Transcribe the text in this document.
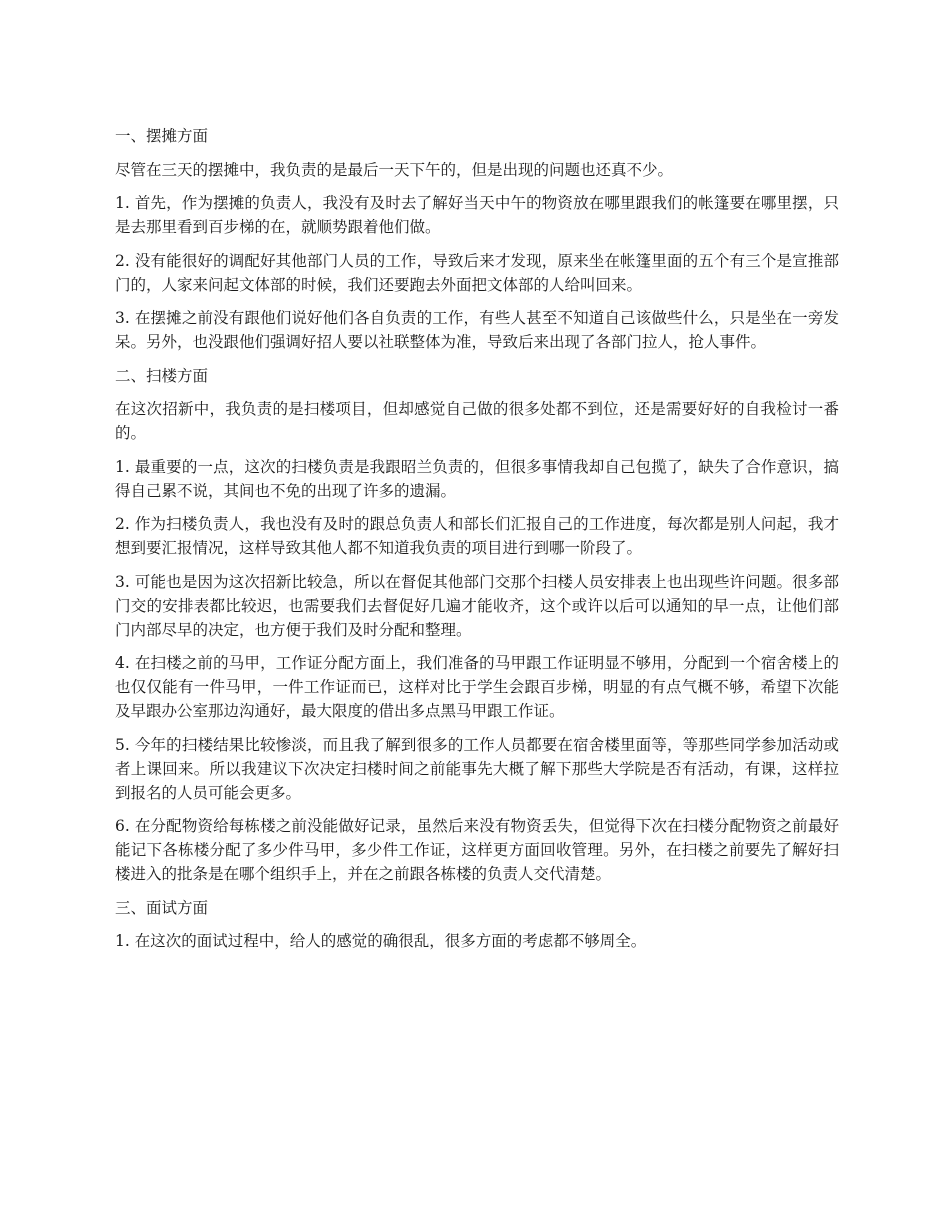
一、摆摊方面

尽管在三天的摆摊中，我负责的是最后一天下午的，但是出现的问题也还真不少。

1. 首先，作为摆摊的负责人，我没有及时去了解好当天中午的物资放在哪里跟我们的帐篷要在哪里摆，只是去那里看到百步梯的在，就顺势跟着他们做。

2. 没有能很好的调配好其他部门人员的工作，导致后来才发现，原来坐在帐篷里面的五个有三个是宣推部门的，人家来问起文体部的时候，我们还要跑去外面把文体部的人给叫回来。

3. 在摆摊之前没有跟他们说好他们各自负责的工作，有些人甚至不知道自己该做些什么，只是坐在一旁发呆。另外，也没跟他们强调好招人要以社联整体为准，导致后来出现了各部门拉人，抢人事件。

二、扫楼方面

在这次招新中，我负责的是扫楼项目，但却感觉自己做的很多处都不到位，还是需要好好的自我检讨一番的。

1. 最重要的一点，这次的扫楼负责是我跟昭兰负责的，但很多事情我却自己包揽了，缺失了合作意识，搞得自己累不说，其间也不免的出现了许多的遗漏。

2. 作为扫楼负责人，我也没有及时的跟总负责人和部长们汇报自己的工作进度，每次都是别人问起，我才想到要汇报情况，这样导致其他人都不知道我负责的项目进行到哪一阶段了。

3. 可能也是因为这次招新比较急，所以在督促其他部门交那个扫楼人员安排表上也出现些许问题。很多部门交的安排表都比较迟，也需要我们去督促好几遍才能收齐，这个或许以后可以通知的早一点，让他们部门内部尽早的决定，也方便于我们及时分配和整理。

4. 在扫楼之前的马甲，工作证分配方面上，我们准备的马甲跟工作证明显不够用，分配到一个宿舍楼上的也仅仅能有一件马甲，一件工作证而已，这样对比于学生会跟百步梯，明显的有点气概不够，希望下次能及早跟办公室那边沟通好，最大限度的借出多点黑马甲跟工作证。

5. 今年的扫楼结果比较惨淡，而且我了解到很多的工作人员都要在宿舍楼里面等，等那些同学参加活动或者上课回来。所以我建议下次决定扫楼时间之前能事先大概了解下那些大学院是否有活动，有课，这样拉到报名的人员可能会更多。

6. 在分配物资给每栋楼之前没能做好记录，虽然后来没有物资丢失，但觉得下次在扫楼分配物资之前最好能记下各栋楼分配了多少件马甲，多少件工作证，这样更方面回收管理。另外，在扫楼之前要先了解好扫楼进入的批条是在哪个组织手上，并在之前跟各栋楼的负责人交代清楚。

三、面试方面

1. 在这次的面试过程中，给人的感觉的确很乱，很多方面的考虑都不够周全。
